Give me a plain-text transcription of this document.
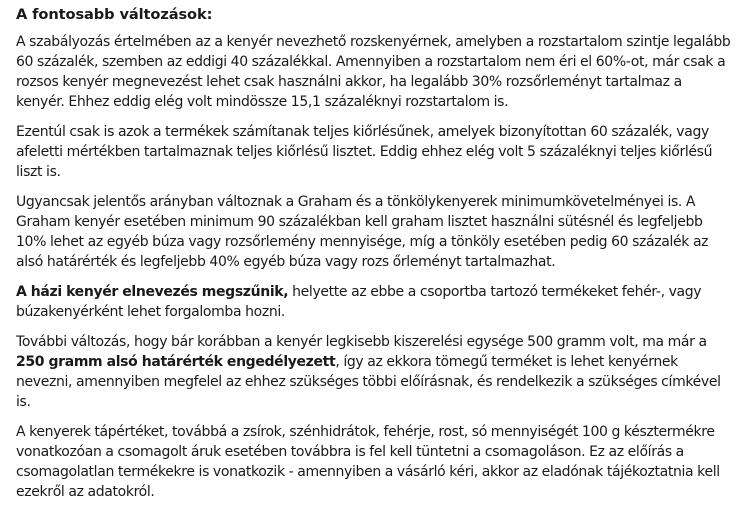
A fontosabb változások:

A szabályozás értelmében az a kenyér nevezhető rozskenyérnek, amelyben a rozstartalom szintje legalább 60 százalék, szemben az eddigi 40 százalékkal. Amennyiben a rozstartalom nem éri el 60%-ot, már csak a rozsos kenyér megnevezést lehet csak használni akkor, ha legalább 30% rozsőrleményt tartalmaz a kenyér. Ehhez eddig elég volt mindössze 15,1 százaléknyi rozstartalom is.

Ezentúl csak is azok a termékek számítanak teljes kiőrlésűnek, amelyek bizonyítottan 60 százalék, vagy afeletti mértékben tartalmaznak teljes kiőrlésű lisztet. Eddig ehhez elég volt 5 százaléknyi teljes kiőrlésű liszt is.

Ugyancsak jelentős arányban változnak a Graham és a tönkölykenyerek minimumkövetelményei is. A Graham kenyér esetében minimum 90 százalékban kell graham lisztet használni sütésnél és legfeljebb 10% lehet az egyéb búza vagy rozsőrlemény mennyisége, míg a tönköly esetében pedig 60 százalék az alsó határérték és legfeljebb 40% egyéb búza vagy rozs őrleményt tartalmazhat.

A házi kenyér elnevezés megszűnik, helyette az ebbe a csoportba tartozó termékeket fehér-, vagy búzakenyérként lehet forgalomba hozni.

További változás, hogy bár korábban a kenyér legkisebb kiszerelési egysége 500 gramm volt, ma már a 250 gramm alsó határérték engedélyezett, így az ekkora tömegű terméket is lehet kenyérnek nevezni, amennyiben megfelel az ehhez szükséges többi előírásnak, és rendelkezik a szükséges címkével is.

A kenyerek tápértéket, továbbá a zsírok, szénhidrátok, fehérje, rost, só mennyiségét 100 g késztermékre vonatkozóan a csomagolt áruk esetében továbbra is fel kell tüntetni a csomagoláson. Ez az előírás a csomagolatlan termékekre is vonatkozik - amennyiben a vásárló kéri, akkor az eladónak tájékoztatnia kell ezekről az adatokról.
